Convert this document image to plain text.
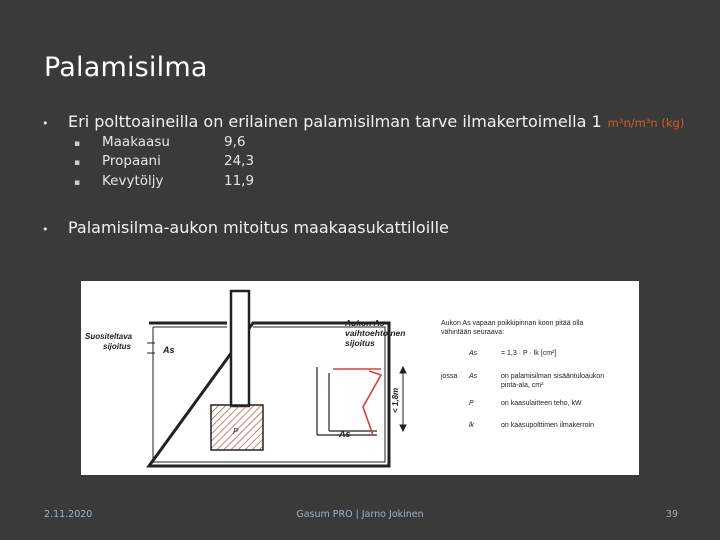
Palamisilma
•	Eri polttoaineilla on erilainen palamisilman tarve ilmakertoimella 1 m³n/m³n (kg)
▪	Maakaasu	9,6
▪	Propaani	24,3
▪	Kevytöljy	11,9
•	Palamisilma-aukon mitoitus maakaasukattiloille
P
Suositeltava
sijoitus	As
< 1,8m
Aukon As
vaihtoehtoinen
sijoitus
As
Aukon As vapaan poikkipinnan koon pitää olla
vähintään seuraava:
As	= 1,3 · P · lk [cm²]
jossa As	on palamisilman sisääntuloaukon
pinta-ala, cm²
P	on kaasulaitteen teho, kW
lk	on kaasupolttimen ilmakerroin
2.11.2020	Gasum PRO | Jarno Jokinen	39
